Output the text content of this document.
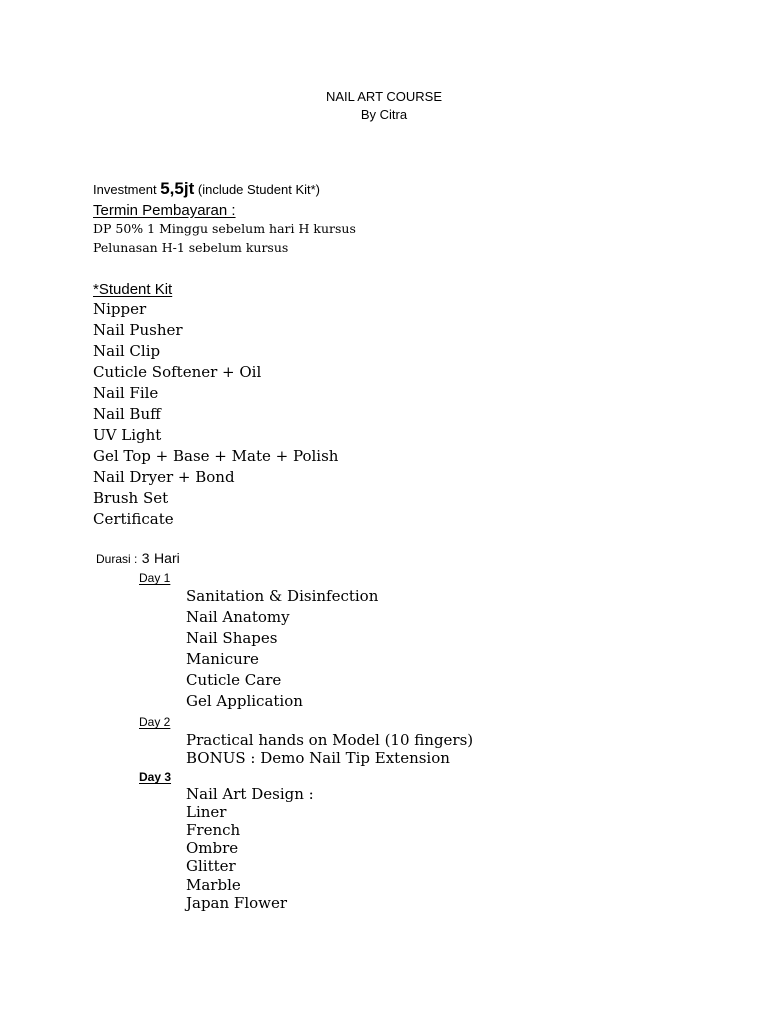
NAIL ART COURSE
By Citra
Investment 5,5jt (include Student Kit*)
Termin Pembayaran :
DP 50% 1 Minggu sebelum hari H kursus
Pelunasan H-1 sebelum kursus
*Student Kit
Nipper
Nail Pusher
Nail Clip
Cuticle Softener + Oil
Nail File
Nail Buff
UV Light
Gel Top + Base + Mate + Polish
Nail Dryer + Bond
Brush Set
Certificate
Durasi : 3 Hari
Day 1
Sanitation & Disinfection
Nail Anatomy
Nail Shapes
Manicure
Cuticle Care
Gel Application
Day 2
Practical hands on Model (10 fingers)
BONUS : Demo Nail Tip Extension
Day 3
Nail Art Design :
Liner
French
Ombre
Glitter
Marble
Japan Flower
